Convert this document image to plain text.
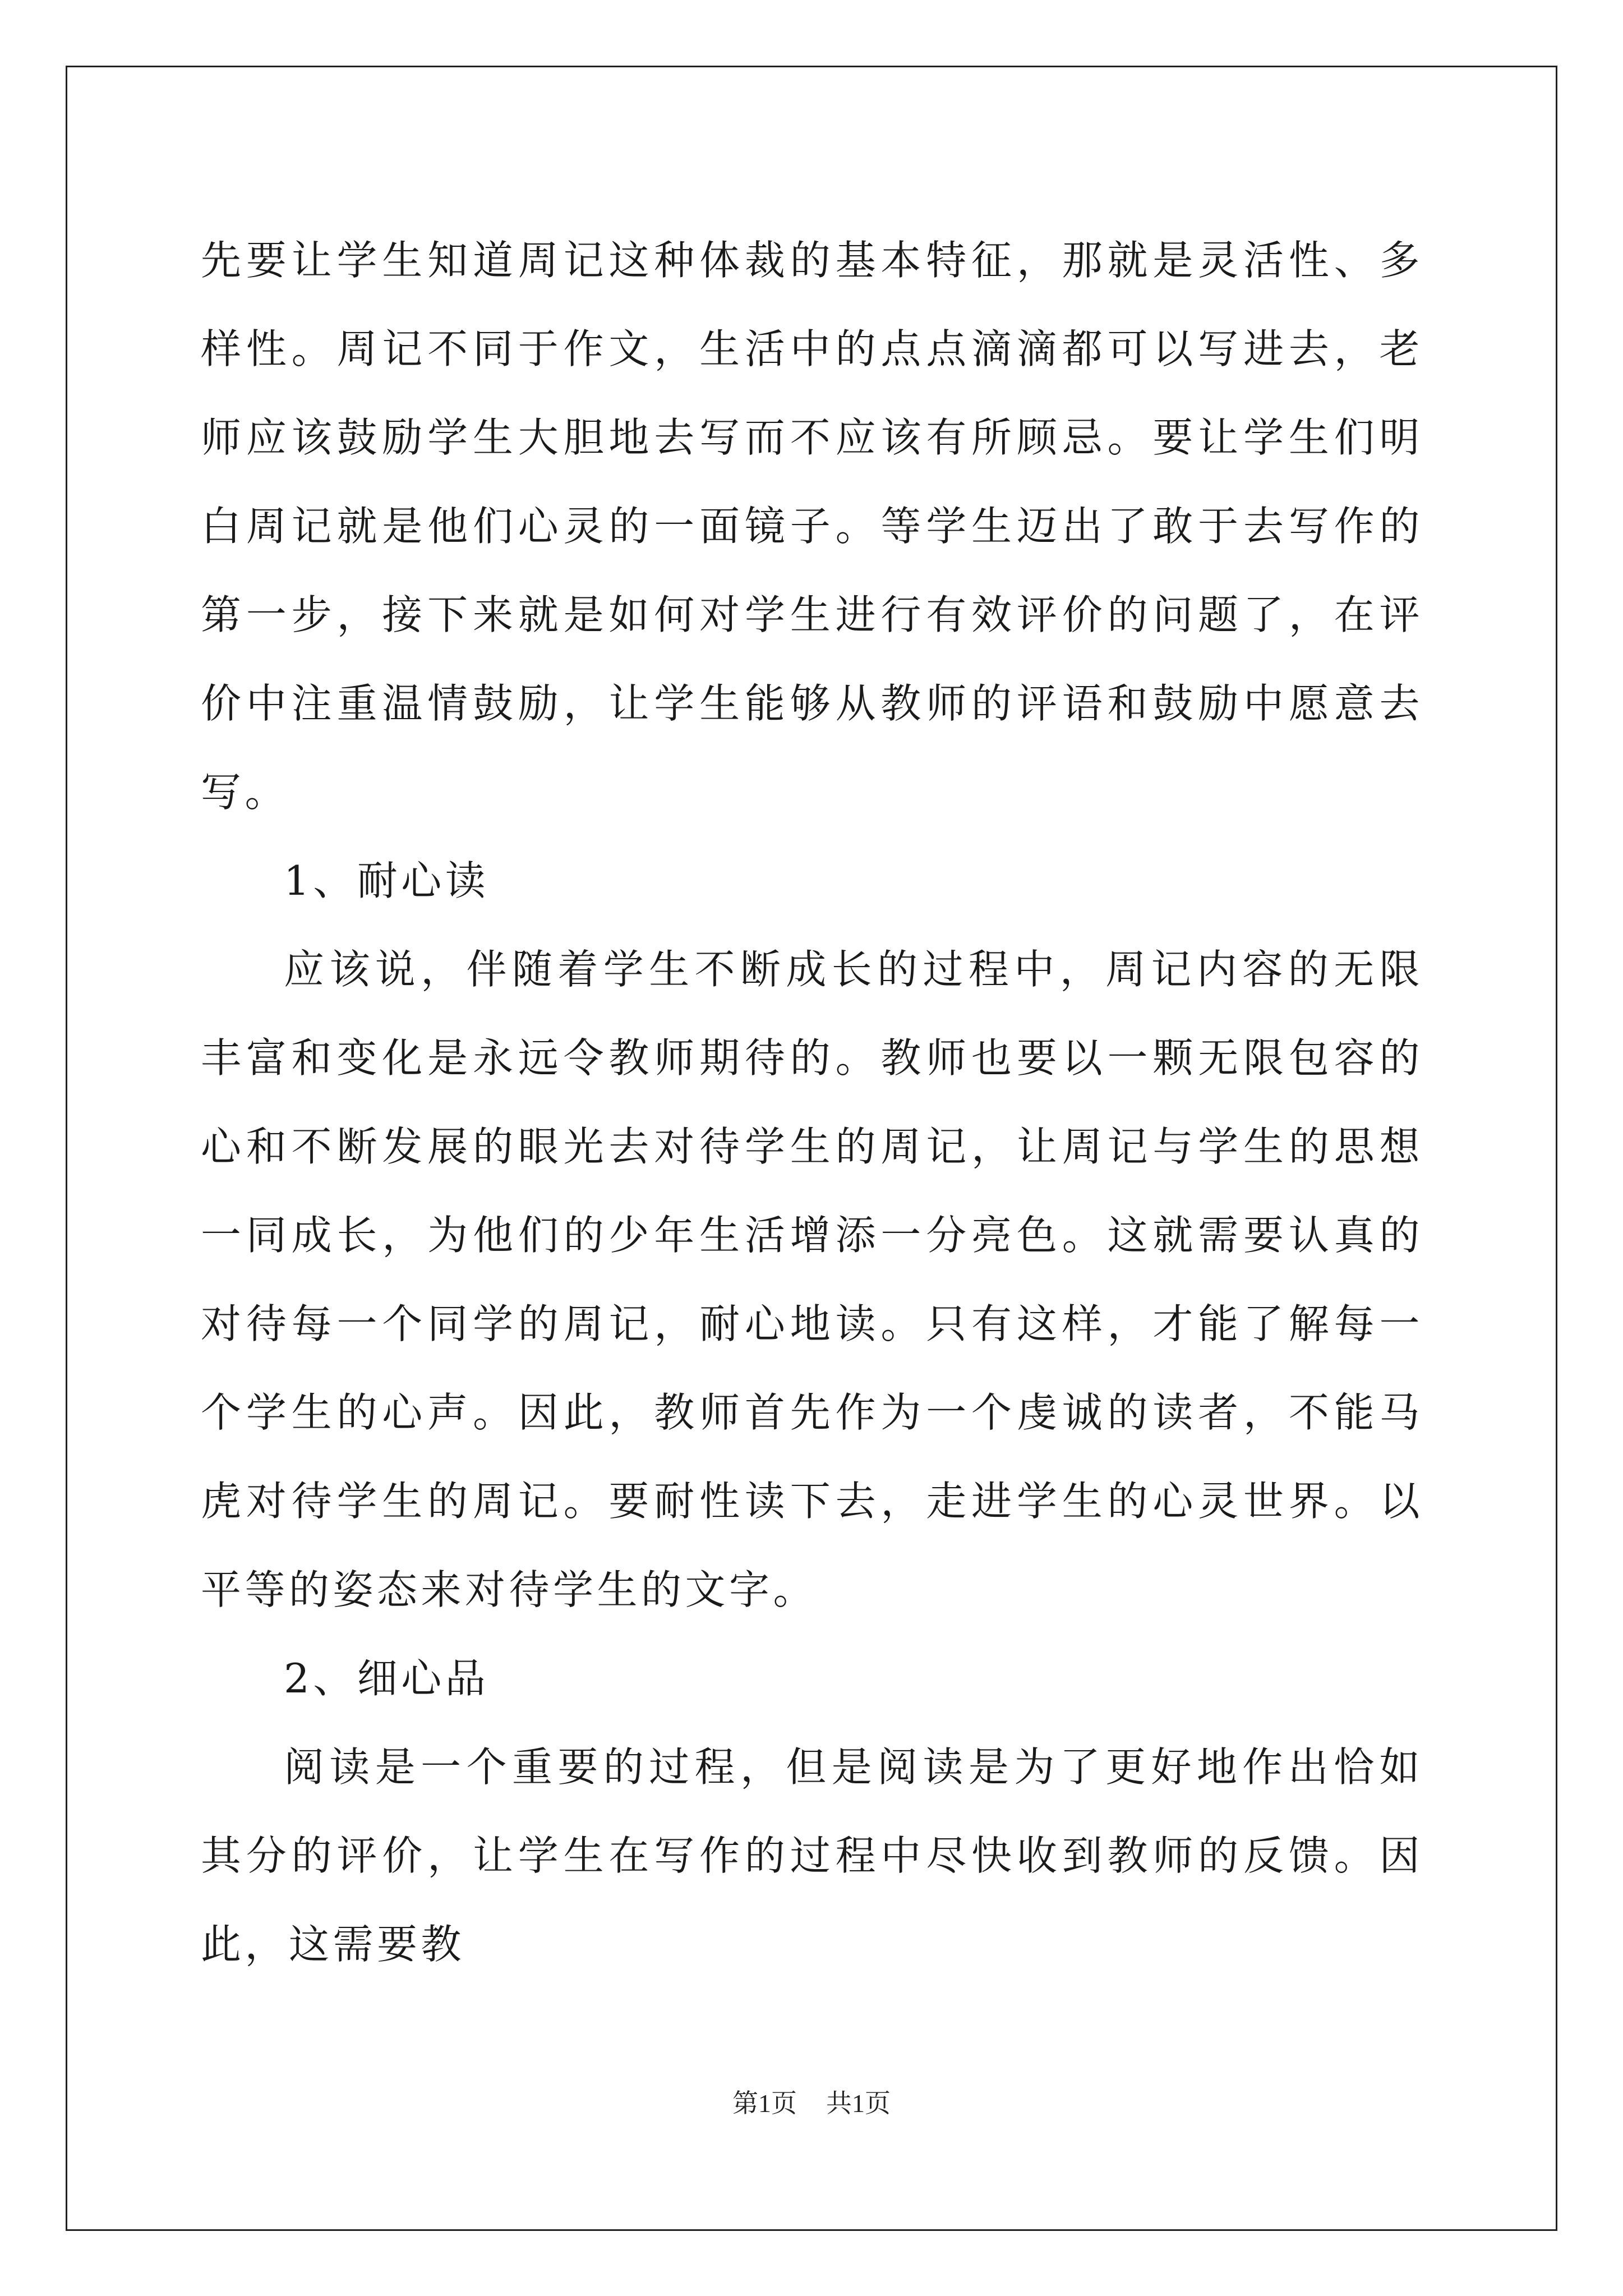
先要让学生知道周记这种体裁的基本特征，那就是灵活性、多样性。周记不同于作文，生活中的点点滴滴都可以写进去，老师应该鼓励学生大胆地去写而不应该有所顾忌。要让学生们明白周记就是他们心灵的一面镜子。等学生迈出了敢于去写作的第一步，接下来就是如何对学生进行有效评价的问题了，在评价中注重温情鼓励，让学生能够从教师的评语和鼓励中愿意去写。

1、耐心读

应该说，伴随着学生不断成长的过程中，周记内容的无限丰富和变化是永远令教师期待的。教师也要以一颗无限包容的心和不断发展的眼光去对待学生的周记，让周记与学生的思想一同成长，为他们的少年生活增添一分亮色。这就需要认真的对待每一个同学的周记，耐心地读。只有这样，才能了解每一个学生的心声。因此，教师首先作为一个虔诚的读者，不能马虎对待学生的周记。要耐性读下去，走进学生的心灵世界。以平等的姿态来对待学生的文字。

2、细心品

阅读是一个重要的过程，但是阅读是为了更好地作出恰如其分的评价，让学生在写作的过程中尽快收到教师的反馈。因此，这需要教

第1页 共1页
